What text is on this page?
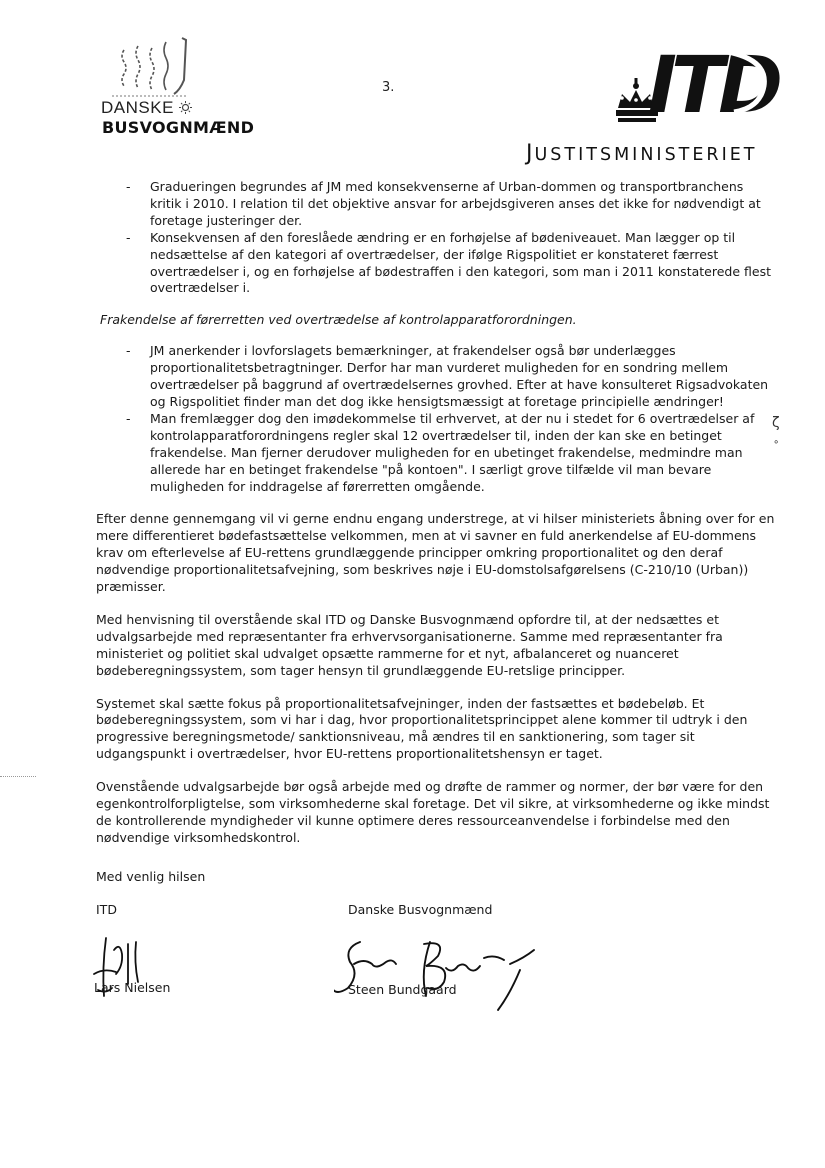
DANSKE
BUSVOGNMÆND
3.	ITD
JUSTITSMINISTERIET
ζ
∘
- Gradueringen begrundes af JM med konsekvenserne af Urban-dommen og transportbranchens kritik i 2010. I relation til det objektive ansvar for arbejdsgiveren anses det ikke for nødvendigt at foretage justeringer der.
- Konsekvensen af den foreslåede ændring er en forhøjelse af bødeniveauet. Man lægger op til nedsættelse af den kategori af overtrædelser, der ifølge Rigspolitiet er konstateret færrest overtrædelser i, og en forhøjelse af bødestraffen i den kategori, som man i 2011 konstaterede flest overtrædelser i.
Frakendelse af førerretten ved overtrædelse af kontrolapparatforordningen.
- JM anerkender i lovforslagets bemærkninger, at frakendelser også bør underlægges proportionalitetsbetragtninger. Derfor har man vurderet muligheden for en sondring mellem overtrædelser på baggrund af overtrædelsernes grovhed. Efter at have konsulteret Rigsadvokaten og Rigspolitiet finder man det dog ikke hensigtsmæssigt at foretage principielle ændringer!
- Man fremlægger dog den imødekommelse til erhvervet, at der nu i stedet for 6 overtrædelser af kontrolapparatforordningens regler skal 12 overtrædelser til, inden der kan ske en betinget frakendelse. Man fjerner derudover muligheden for en ubetinget frakendelse, medmindre man allerede har en betinget frakendelse "på kontoen". I særligt grove tilfælde vil man bevare muligheden for inddragelse af førerretten omgående.

Efter denne gennemgang vil vi gerne endnu engang understrege, at vi hilser ministeriets åbning over for en mere differentieret bødefastsættelse velkommen, men at vi savner en fuld anerkendelse af EU-dommens krav om efterlevelse af EU-rettens grundlæggende principper omkring proportionalitet og den deraf nødvendige proportionalitetsafvejning, som beskrives nøje i EU-domstolsafgørelsens (C-210/10 (Urban)) præmisser.

Med henvisning til overstående skal ITD og Danske Busvognmænd opfordre til, at der nedsættes et udvalgsarbejde med repræsentanter fra erhvervsorganisationerne. Samme med repræsentanter fra ministeriet og politiet skal udvalget opsætte rammerne for et nyt, afbalanceret og nuanceret bødeberegningssystem, som tager hensyn til grundlæggende EU-retslige principper.

Systemet skal sætte fokus på proportionalitetsafvejninger, inden der fastsættes et bødebeløb. Et bødeberegningssystem, som vi har i dag, hvor proportionalitetsprincippet alene kommer til udtryk i den progressive beregningsmetode/ sanktionsniveau, må ændres til en sanktionering, som tager sit udgangspunkt i overtrædelser, hvor EU-rettens proportionalitetshensyn er taget.

Ovenstående udvalgsarbejde bør også arbejde med og drøfte de rammer og normer, der bør være for den egenkontrolforpligtelse, som virksomhederne skal foretage. Det vil sikre, at virksomhederne og ikke mindst de kontrollerende myndigheder vil kunne optimere deres ressourceanvendelse i forbindelse med den nødvendige virksomhedskontrol.

Med venlig hilsen
ITD	Danske Busvognmænd
Lars Nielsen	Steen Bundgaard
